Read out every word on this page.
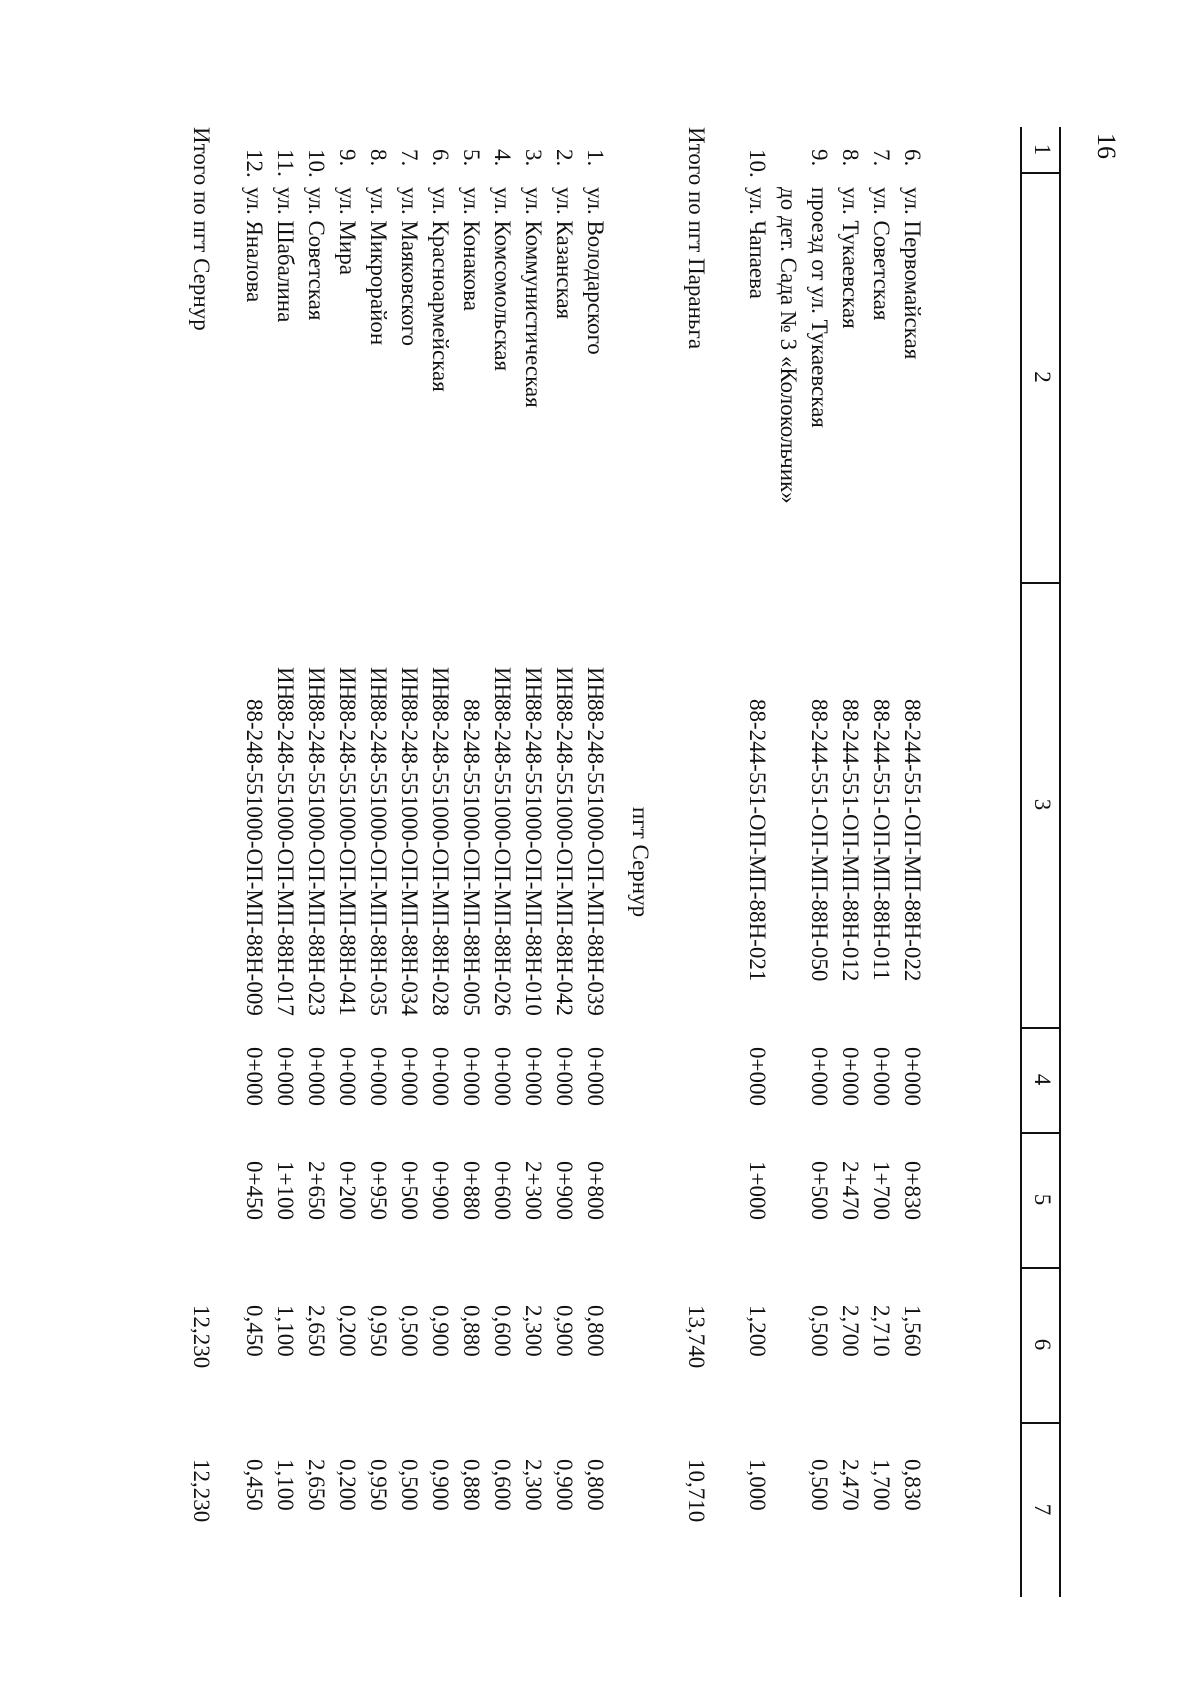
16
1
2
3
4
5
6
7
6.
ул. Первомайская
88-244-551-ОП-МП-88Н-022
0+000
0+830
1,560
0,830
7.
ул. Советская
88-244-551-ОП-МП-88Н-011
0+000
1+700
2,710
1,700
8.
ул. Тукаевская
88-244-551-ОП-МП-88Н-012
0+000
2+470
2,700
2,470
9.
проезд от ул. Тукаевская
88-244-551-ОП-МП-88Н-050
0+000
0+500
0,500
0,500
до дет. Сада № 3 «Колокольчик»
10.
ул. Чапаева
88-244-551-ОП-МП-88Н-021
0+000
1+000
1,200
1,000
Итого по пгт Параньга
13,740
10,710
пгт Сернур
1.
ул. Володарского
ИН
88-248-551000-ОП-МП-88Н-039
0+000
0+800
0,800
0,800
2.
ул. Казанская
ИН
88-248-551000-ОП-МП-88Н-042
0+000
0+900
0,900
0,900
3.
ул. Коммунистическая
ИН
88-248-551000-ОП-МП-88Н-010
0+000
2+300
2,300
2,300
4.
ул. Комсомольская
ИН
88-248-551000-ОП-МП-88Н-026
0+000
0+600
0,600
0,600
5.
ул. Конакова
88-248-551000-ОП-МП-88Н-005
0+000
0+880
0,880
0,880
6.
ул. Красноармейская
ИН
88-248-551000-ОП-МП-88Н-028
0+000
0+900
0,900
0,900
7.
ул. Маяковского
ИН
88-248-551000-ОП-МП-88Н-034
0+000
0+500
0,500
0,500
8.
ул. Микрорайон
ИН
88-248-551000-ОП-МП-88Н-035
0+000
0+950
0,950
0,950
9.
ул. Мира
ИН
88-248-551000-ОП-МП-88Н-041
0+000
0+200
0,200
0,200
10.
ул. Советская
ИН
88-248-551000-ОП-МП-88Н-023
0+000
2+650
2,650
2,650
11.
ул. Шабалина
ИН
88-248-551000-ОП-МП-88Н-017
0+000
1+100
1,100
1,100
12.
ул. Яналова
88-248-551000-ОП-МП-88Н-009
0+000
0+450
0,450
0,450
Итого по пгт Сернур
12,230
12,230
